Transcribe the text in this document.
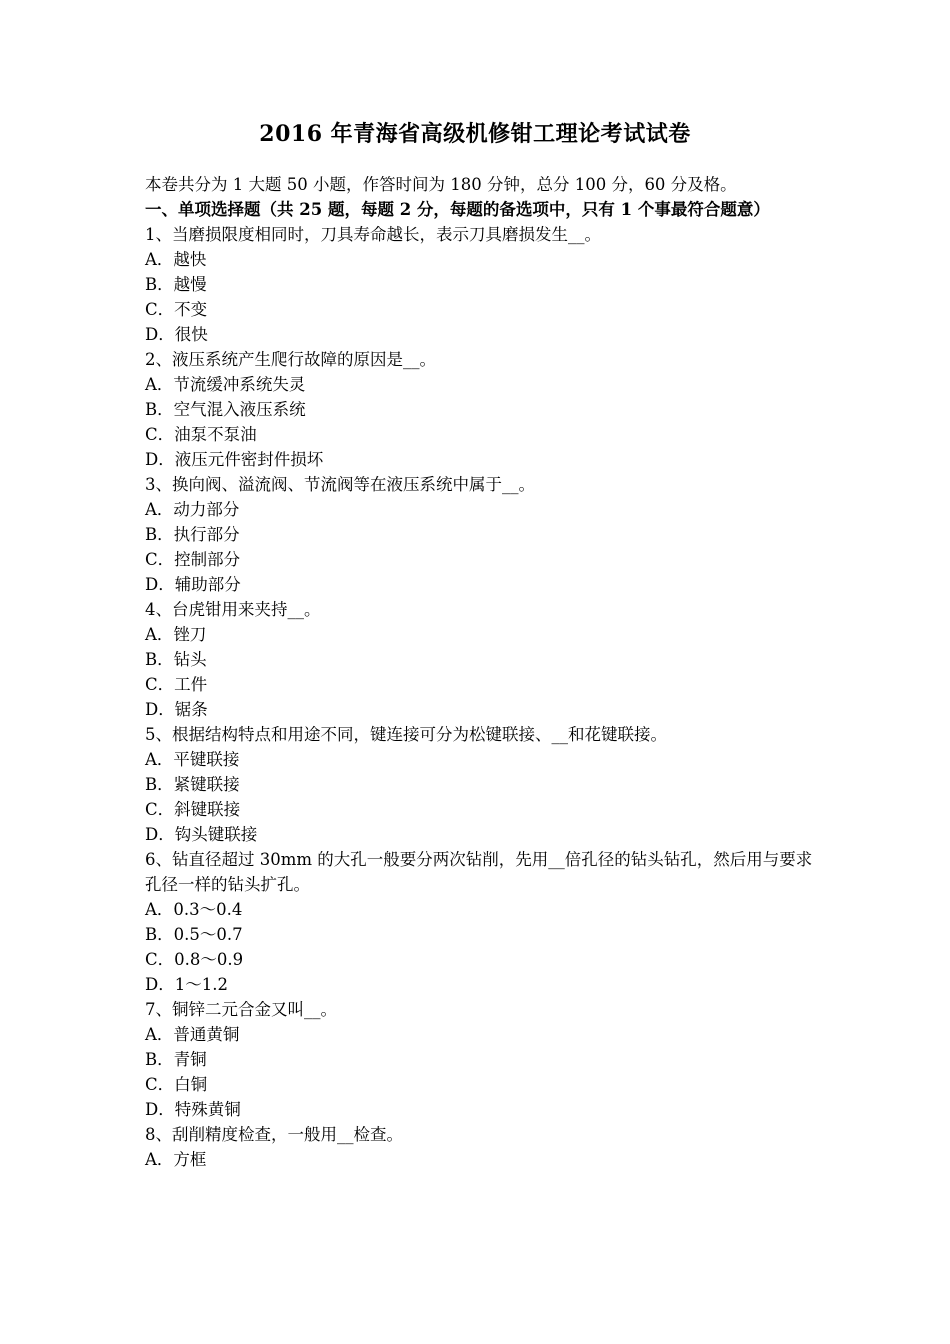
2016 年青海省高级机修钳工理论考试试卷
本卷共分为 1 大题 50 小题，作答时间为 180 分钟，总分 100 分，60 分及格。
一、单项选择题（共 25 题，每题 2 分，每题的备选项中，只有 1 个事最符合题意）
1、当磨损限度相同时，刀具寿命越长，表示刀具磨损发生__。
A．越快
B．越慢
C．不变
D．很快
2、液压系统产生爬行故障的原因是__。
A．节流缓冲系统失灵
B．空气混入液压系统
C．油泵不泵油
D．液压元件密封件损坏
3、换向阀、溢流阀、节流阀等在液压系统中属于__。
A．动力部分
B．执行部分
C．控制部分
D．辅助部分
4、台虎钳用来夹持__。
A．锉刀
B．钻头
C．工件
D．锯条
5、根据结构特点和用途不同，键连接可分为松键联接、__和花键联接。
A．平键联接
B．紧键联接
C．斜键联接
D．钩头键联接
6、钻直径超过 30mm 的大孔一般要分两次钻削，先用__倍孔径的钻头钻孔，然后用与要求孔径一样的钻头扩孔。
A．0.3～0.4
B．0.5～0.7
C．0.8～0.9
D．1～1.2
7、铜锌二元合金又叫__。
A．普通黄铜
B．青铜
C．白铜
D．特殊黄铜
8、刮削精度检查，一般用__检查。
A．方框
